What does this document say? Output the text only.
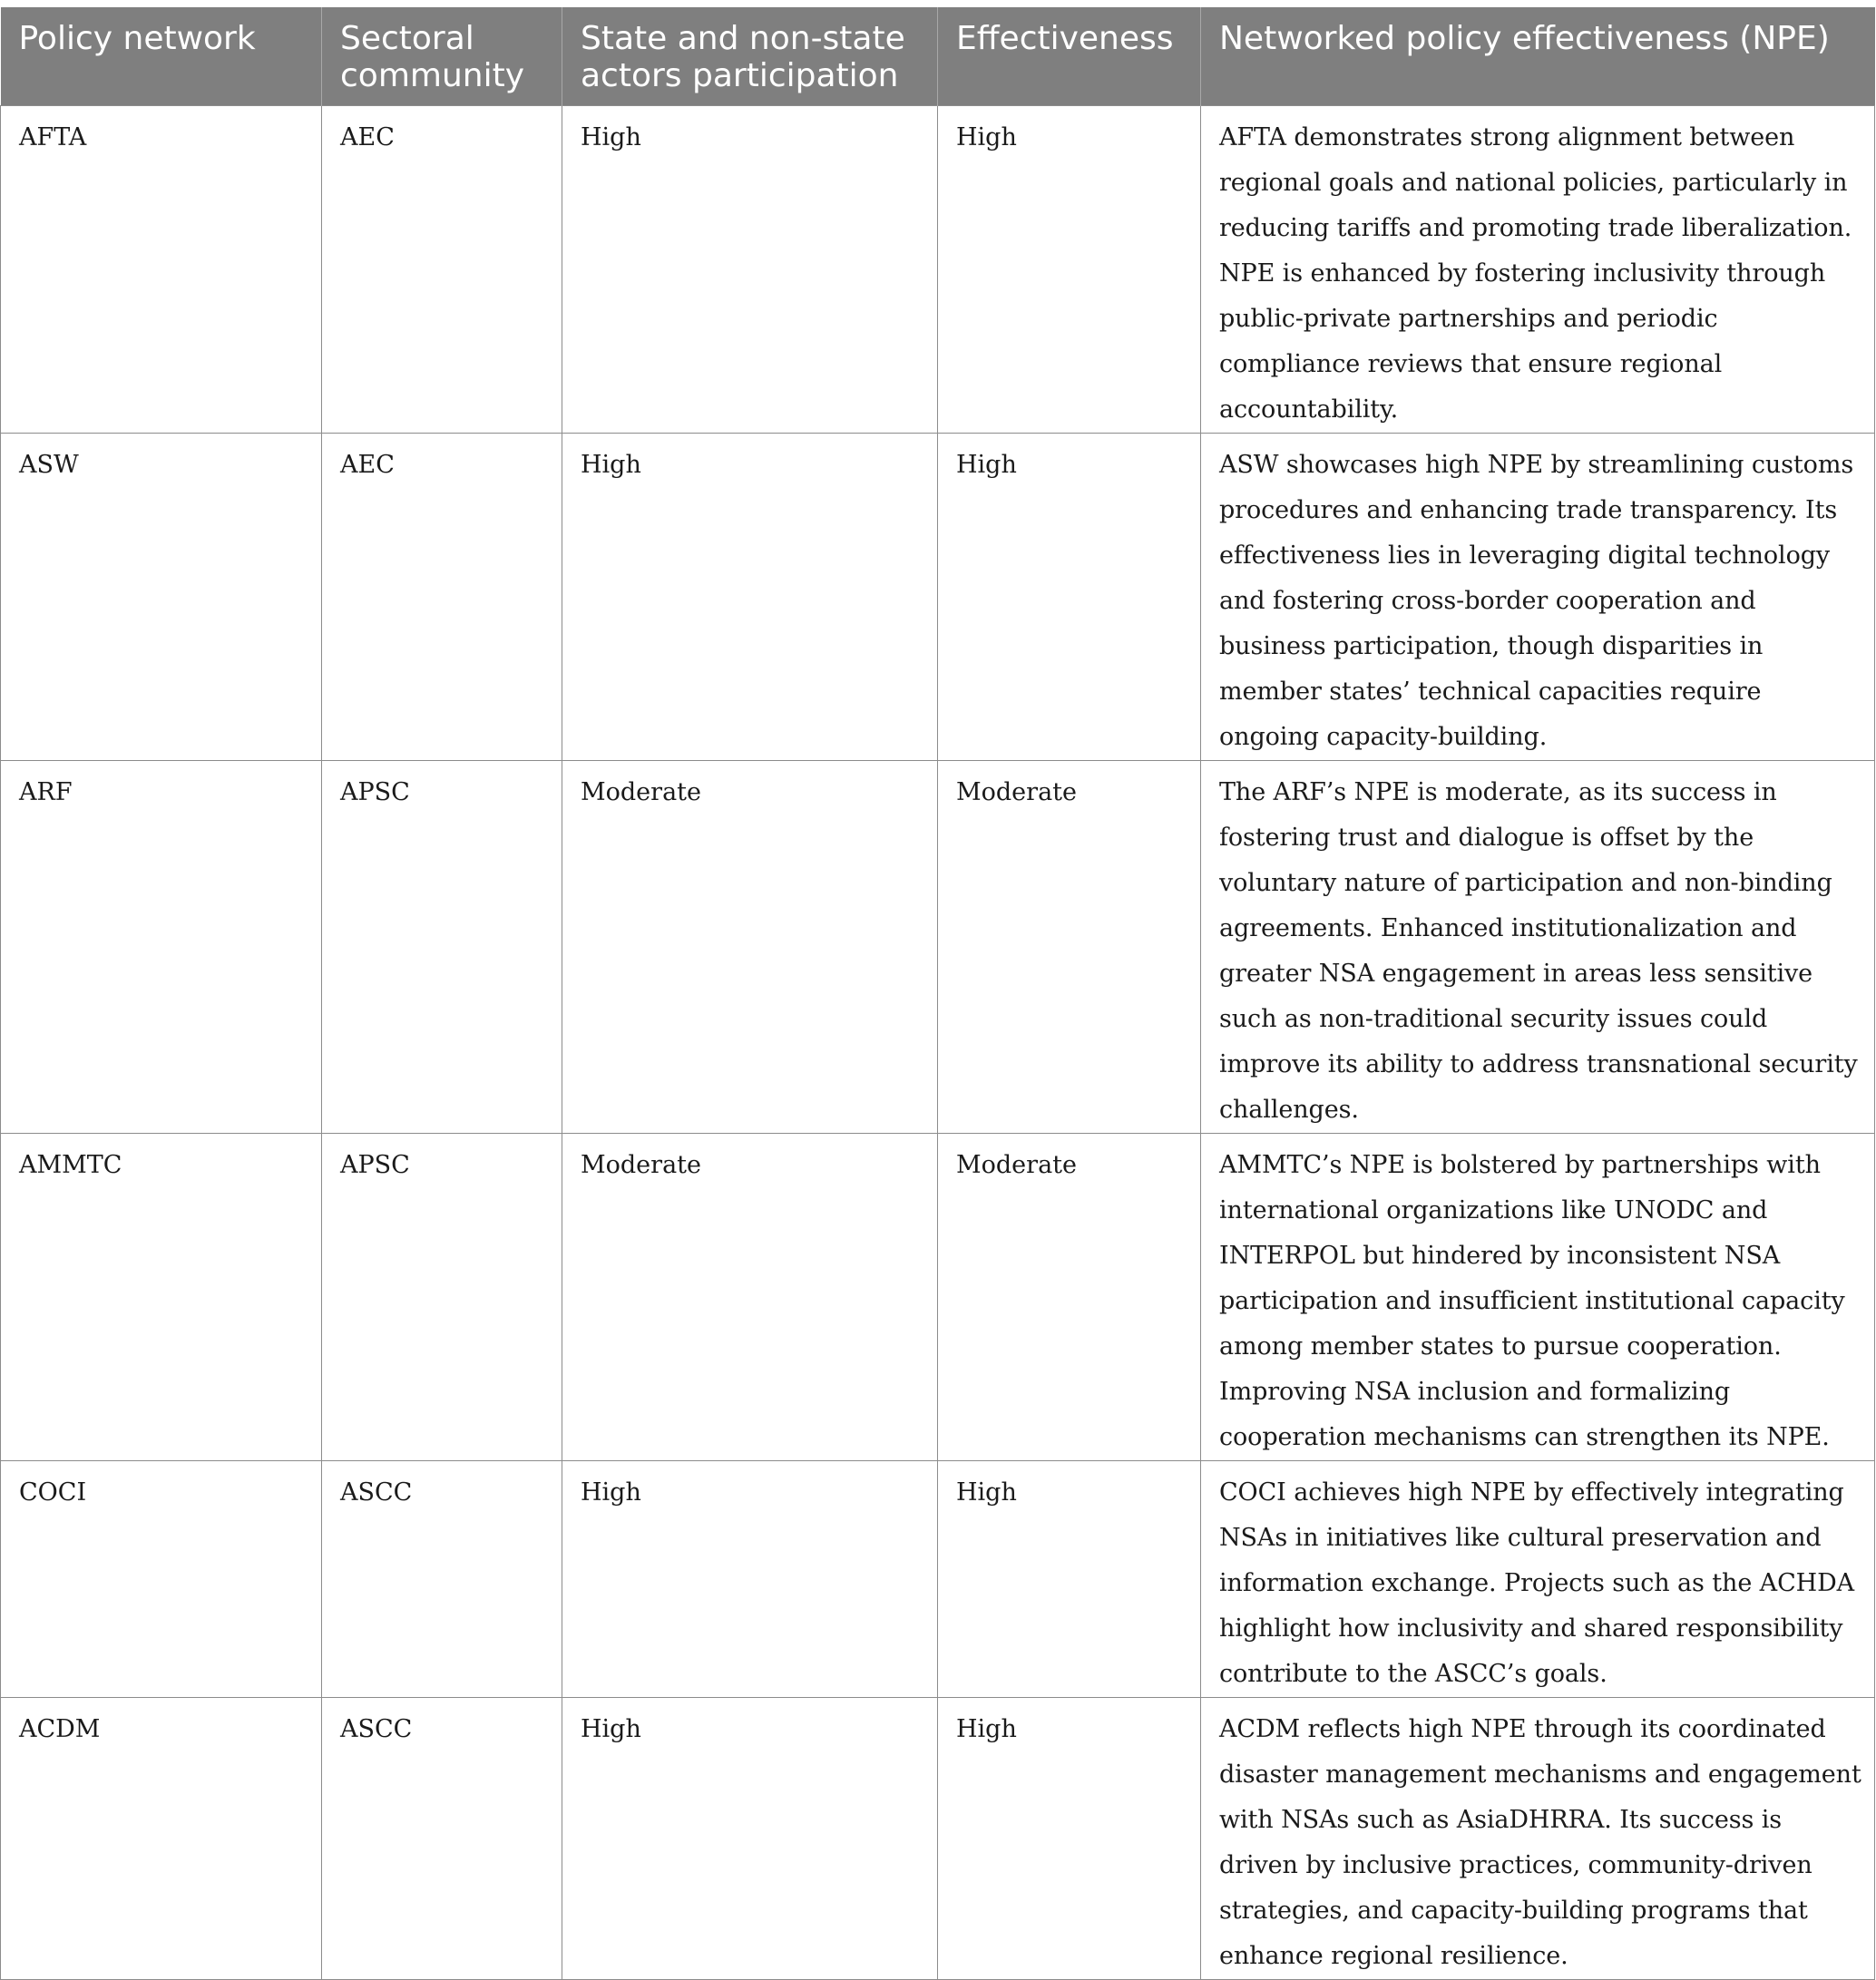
Policy network	Sectoral community	State and non-state actors participation	Effectiveness	Networked policy effectiveness (NPE)
AFTA	AEC	High	High	AFTA demonstrates strong alignment between regional goals and national policies, particularly in reducing tariffs and promoting trade liberalization. NPE is enhanced by fostering inclusivity through public-private partnerships and periodic compliance reviews that ensure regional accountability.
ASW	AEC	High	High	ASW showcases high NPE by streamlining customs procedures and enhancing trade transparency. Its effectiveness lies in leveraging digital technology and fostering cross-border cooperation and business participation, though disparities in member states’ technical capacities require ongoing capacity-building.
ARF	APSC	Moderate	Moderate	The ARF’s NPE is moderate, as its success in fostering trust and dialogue is offset by the voluntary nature of participation and non-binding agreements. Enhanced institutionalization and greater NSA engagement in areas less sensitive such as non-traditional security issues could improve its ability to address transnational security challenges.
AMMTC	APSC	Moderate	Moderate	AMMTC’s NPE is bolstered by partnerships with international organizations like UNODC and INTERPOL but hindered by inconsistent NSA participation and insufficient institutional capacity among member states to pursue cooperation. Improving NSA inclusion and formalizing cooperation mechanisms can strengthen its NPE.
COCI	ASCC	High	High	COCI achieves high NPE by effectively integrating NSAs in initiatives like cultural preservation and information exchange. Projects such as the ACHDA highlight how inclusivity and shared responsibility contribute to the ASCC’s goals.
ACDM	ASCC	High	High	ACDM reflects high NPE through its coordinated disaster management mechanisms and engagement with NSAs such as AsiaDHRRA. Its success is driven by inclusive practices, community-driven strategies, and capacity-building programs that enhance regional resilience.
